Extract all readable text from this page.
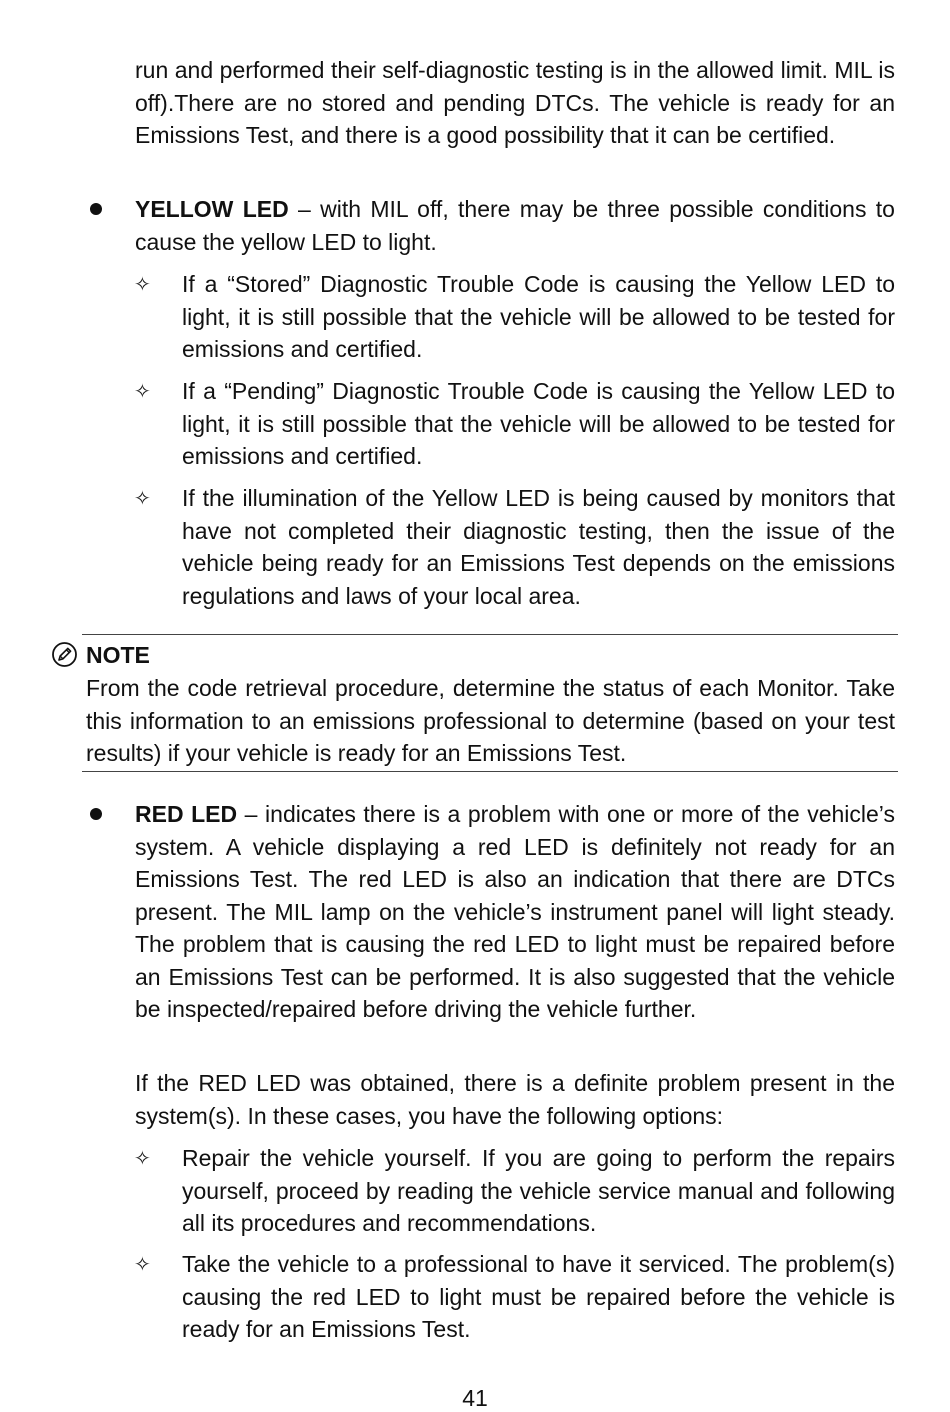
run and performed their self-diagnostic testing is in the allowed limit. MIL is off).There are no stored and pending DTCs. The vehicle is ready for an Emissions Test, and there is a good possibility that it can be certified.
YELLOW LED – with MIL off, there may be three possible conditions to cause the yellow LED to light.
✧ If a “Stored” Diagnostic Trouble Code is causing the Yellow LED to light, it is still possible that the vehicle will be allowed to be tested for emissions and certified.
✧ If a “Pending” Diagnostic Trouble Code is causing the Yellow LED to light, it is still possible that the vehicle will be allowed to be tested for emissions and certified.
✧ If the illumination of the Yellow LED is being caused by monitors that have not completed their diagnostic testing, then the issue of the vehicle being ready for an Emissions Test depends on the emissions regulations and laws of your local area.
NOTE
From the code retrieval procedure, determine the status of each Monitor. Take this information to an emissions professional to determine (based on your test results) if your vehicle is ready for an Emissions Test.
RED LED – indicates there is a problem with one or more of the vehicle’s system. A vehicle displaying a red LED is definitely not ready for an Emissions Test. The red LED is also an indication that there are DTCs present. The MIL lamp on the vehicle’s instrument panel will light steady. The problem that is causing the red LED to light must be repaired before an Emissions Test can be performed. It is also suggested that the vehicle be inspected/repaired before driving the vehicle further.
If the RED LED was obtained, there is a definite problem present in the system(s). In these cases, you have the following options:
✧ Repair the vehicle yourself. If you are going to perform the repairs yourself, proceed by reading the vehicle service manual and following all its procedures and recommendations.
✧ Take the vehicle to a professional to have it serviced. The problem(s) causing the red LED to light must be repaired before the vehicle is ready for an Emissions Test.
41
